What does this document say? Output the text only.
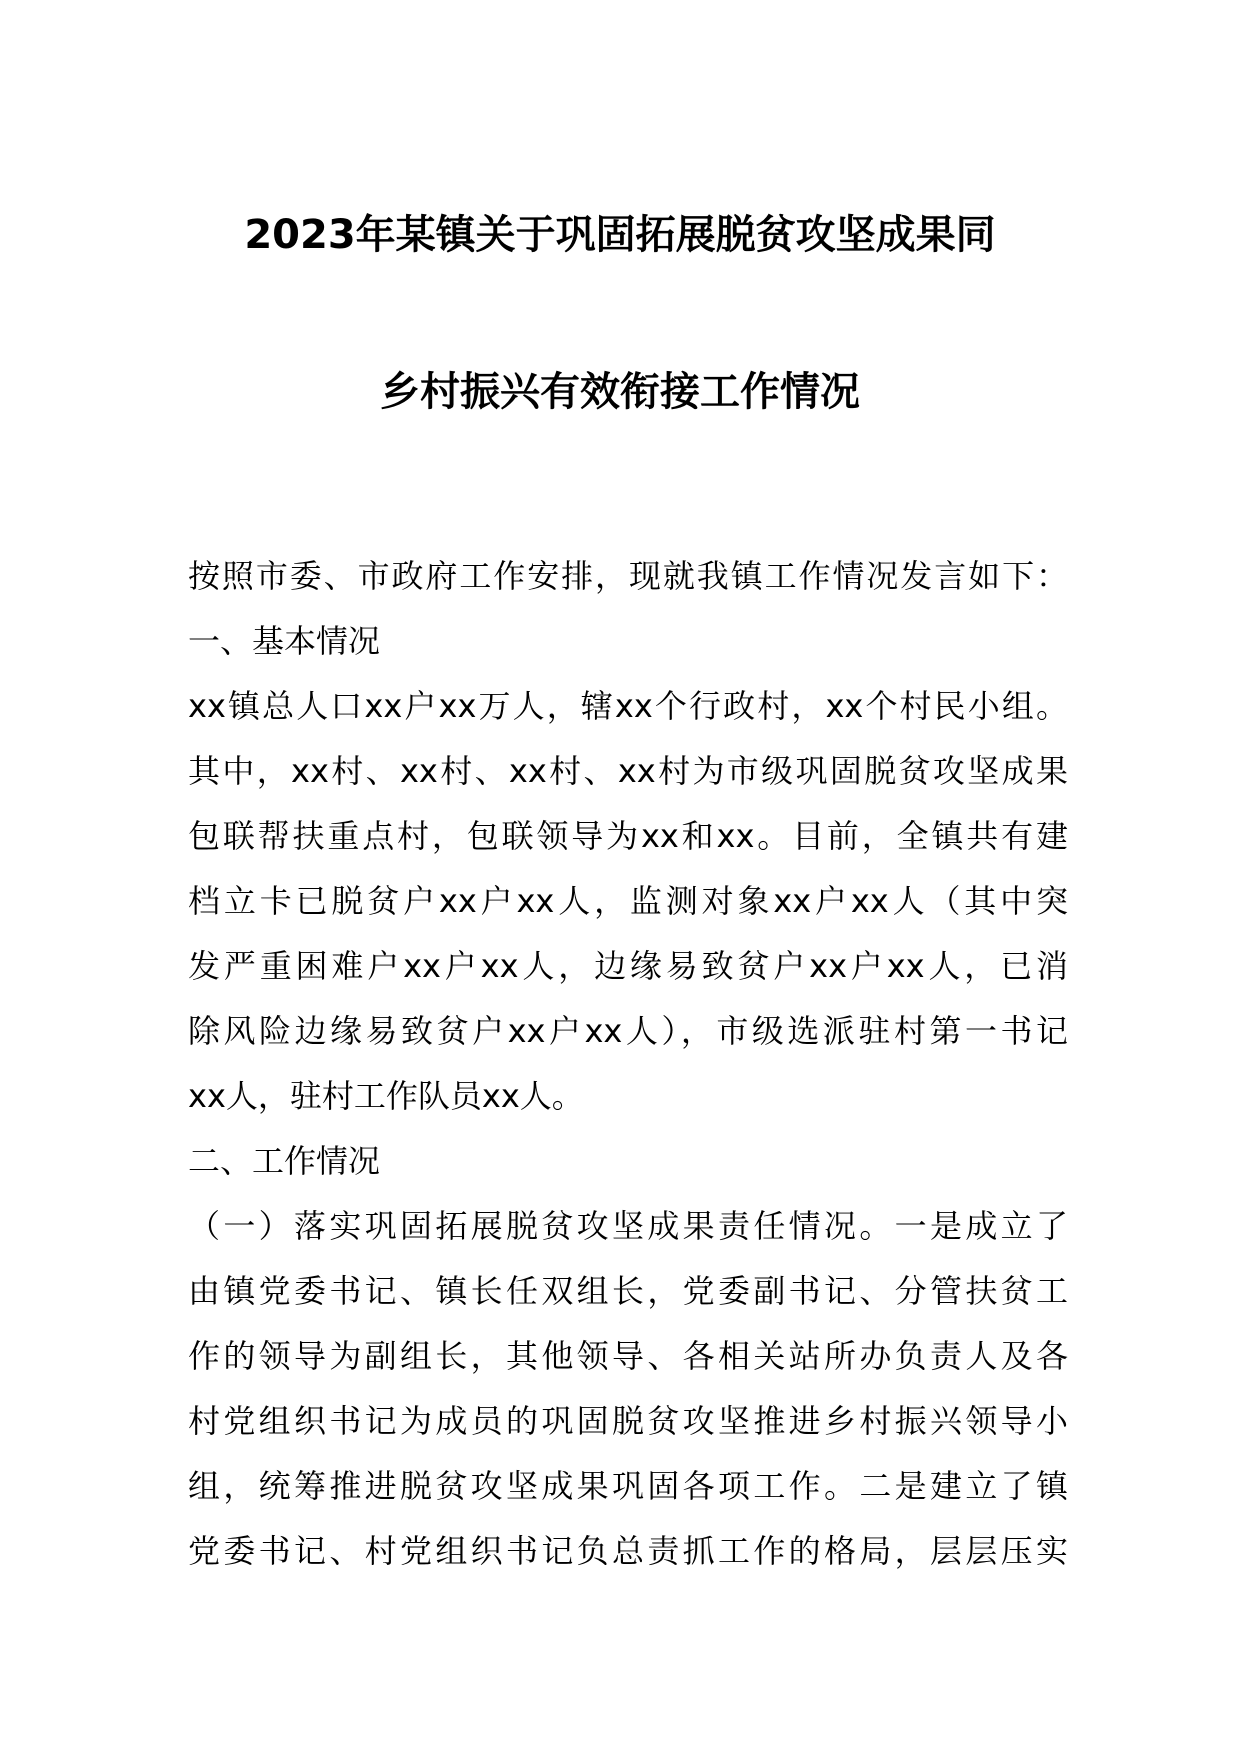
2023年某镇关于巩固拓展脱贫攻坚成果同
乡村振兴有效衔接工作情况
按照市委、市政府工作安排，现就我镇工作情况发言如下：
一、基本情况
xx镇总人口xx户xx万人，辖xx个行政村，xx个村民小组。
其中，xx村、xx村、xx村、xx村为市级巩固脱贫攻坚成果
包联帮扶重点村，包联领导为xx和xx。目前，全镇共有建
档立卡已脱贫户xx户xx人，监测对象xx户xx人（其中突
发严重困难户xx户xx人，边缘易致贫户xx户xx人，已消
除风险边缘易致贫户xx户xx人），市级选派驻村第一书记
xx人，驻村工作队员xx人。
二、工作情况
（一）落实巩固拓展脱贫攻坚成果责任情况。一是成立了
由镇党委书记、镇长任双组长，党委副书记、分管扶贫工
作的领导为副组长，其他领导、各相关站所办负责人及各
村党组织书记为成员的巩固脱贫攻坚推进乡村振兴领导小
组，统筹推进脱贫攻坚成果巩固各项工作。二是建立了镇
党委书记、村党组织书记负总责抓工作的格局，层层压实
